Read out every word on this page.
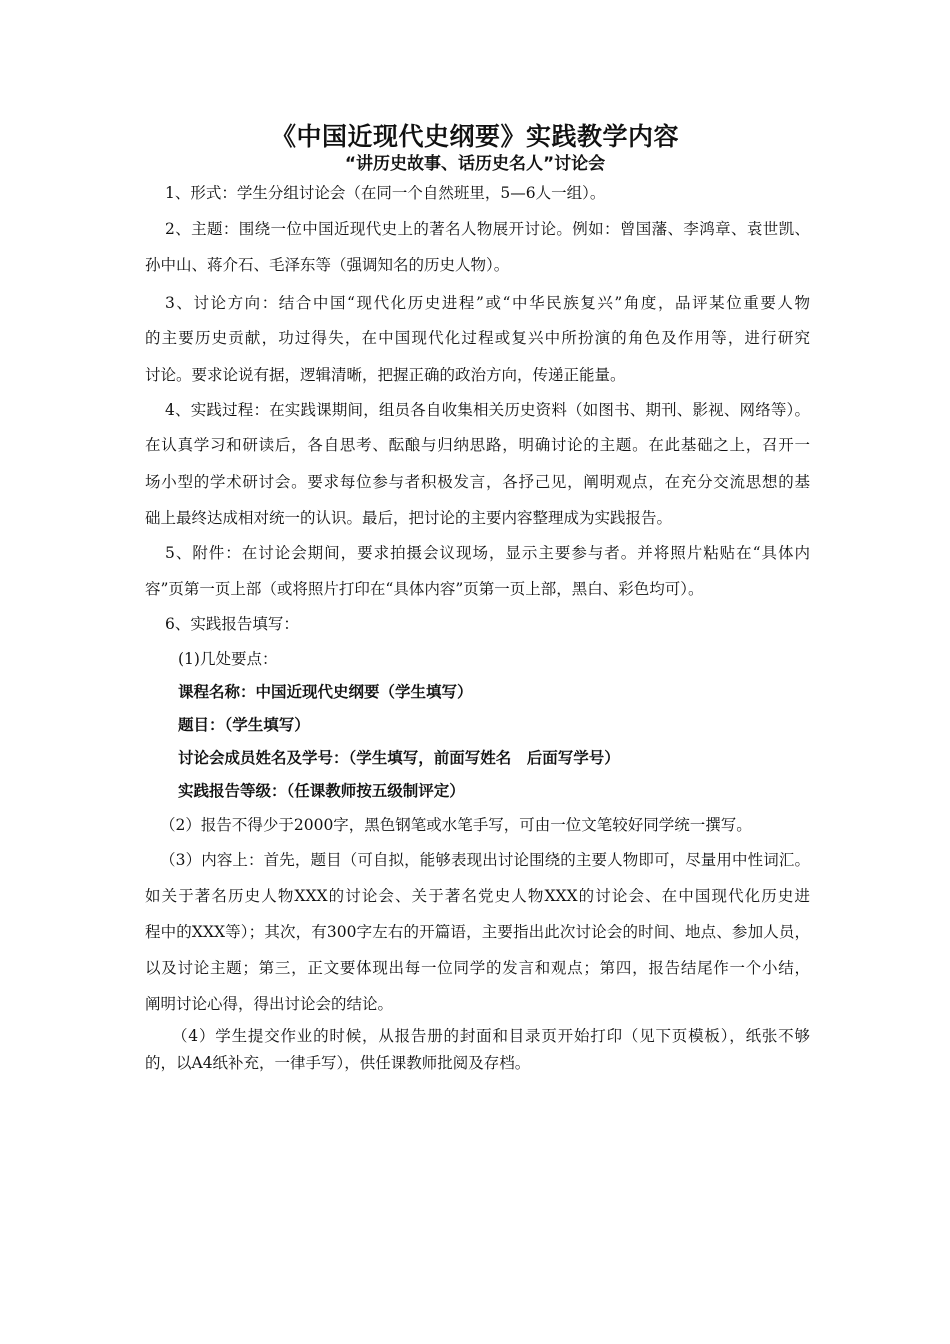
《中国近现代史纲要》实践教学内容
“讲历史故事、话历史名人”讨论会
1、形式：学生分组讨论会（在同一个自然班里，5—6人一组）。
2、主题：围绕一位中国近现代史上的著名人物展开讨论。例如：曾国藩、李鸿章、袁世凯、
孙中山、蒋介石、毛泽东等（强调知名的历史人物）。
3、讨论方向：结合中国“现代化历史进程”或“中华民族复兴”角度，品评某位重要人物
的主要历史贡献，功过得失，在中国现代化过程或复兴中所扮演的角色及作用等，进行研究
讨论。要求论说有据，逻辑清晰，把握正确的政治方向，传递正能量。
4、实践过程：在实践课期间，组员各自收集相关历史资料（如图书、期刊、影视、网络等）。
在认真学习和研读后，各自思考、酝酿与归纳思路，明确讨论的主题。在此基础之上，召开一
场小型的学术研讨会。要求每位参与者积极发言，各抒己见，阐明观点，在充分交流思想的基
础上最终达成相对统一的认识。最后，把讨论的主要内容整理成为实践报告。
5、附件：在讨论会期间，要求拍摄会议现场，显示主要参与者。并将照片粘贴在“具体内
容”页第一页上部（或将照片打印在“具体内容”页第一页上部，黑白、彩色均可）。
6、实践报告填写：
(1)几处要点：
课程名称：中国近现代史纲要（学生填写）
题目：（学生填写）
讨论会成员姓名及学号：（学生填写，前面写姓名　后面写学号）
实践报告等级：（任课教师按五级制评定）
（2）报告不得少于2000字，黑色钢笔或水笔手写，可由一位文笔较好同学统一撰写。
（3）内容上：首先，题目（可自拟，能够表现出讨论围绕的主要人物即可，尽量用中性词汇。
如关于著名历史人物XXX的讨论会、关于著名党史人物XXX的讨论会、在中国现代化历史进
程中的XXX等）；其次，有300字左右的开篇语，主要指出此次讨论会的时间、地点、参加人员，
以及讨论主题；第三，正文要体现出每一位同学的发言和观点；第四，报告结尾作一个小结，
阐明讨论心得，得出讨论会的结论。
（4）学生提交作业的时候，从报告册的封面和目录页开始打印（见下页模板），纸张不够
的，以A4纸补充，一律手写），供任课教师批阅及存档。
